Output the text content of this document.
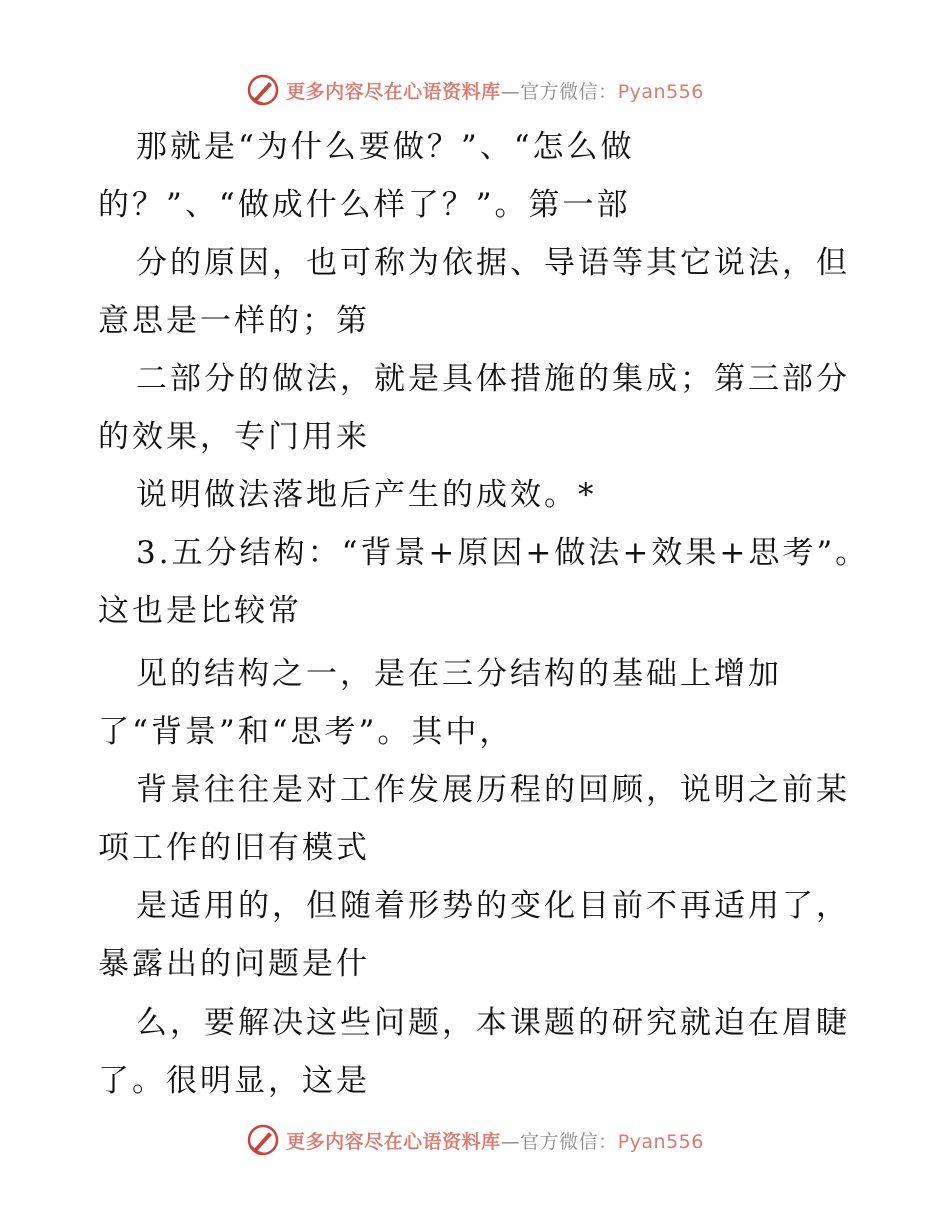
更多内容尽在心语资料库—官方微信：Pyan556
那就是“为什么要做？”、“怎么做
的？”、“做成什么样了？”。第一部
分的原因，也可称为依据、导语等其它说法，但
意思是一样的；第
二部分的做法，就是具体措施的集成；第三部分
的效果，专门用来
说明做法落地后产生的成效。*
3.五分结构：“背景+原因+做法+效果+思考”。
这也是比较常
见的结构之一，是在三分结构的基础上增加
了“背景”和“思考”。其中，
背景往往是对工作发展历程的回顾，说明之前某
项工作的旧有模式
是适用的，但随着形势的变化目前不再适用了，
暴露出的问题是什
么，要解决这些问题，本课题的研究就迫在眉睫
了。很明显，这是
更多内容尽在心语资料库—官方微信：Pyan556
